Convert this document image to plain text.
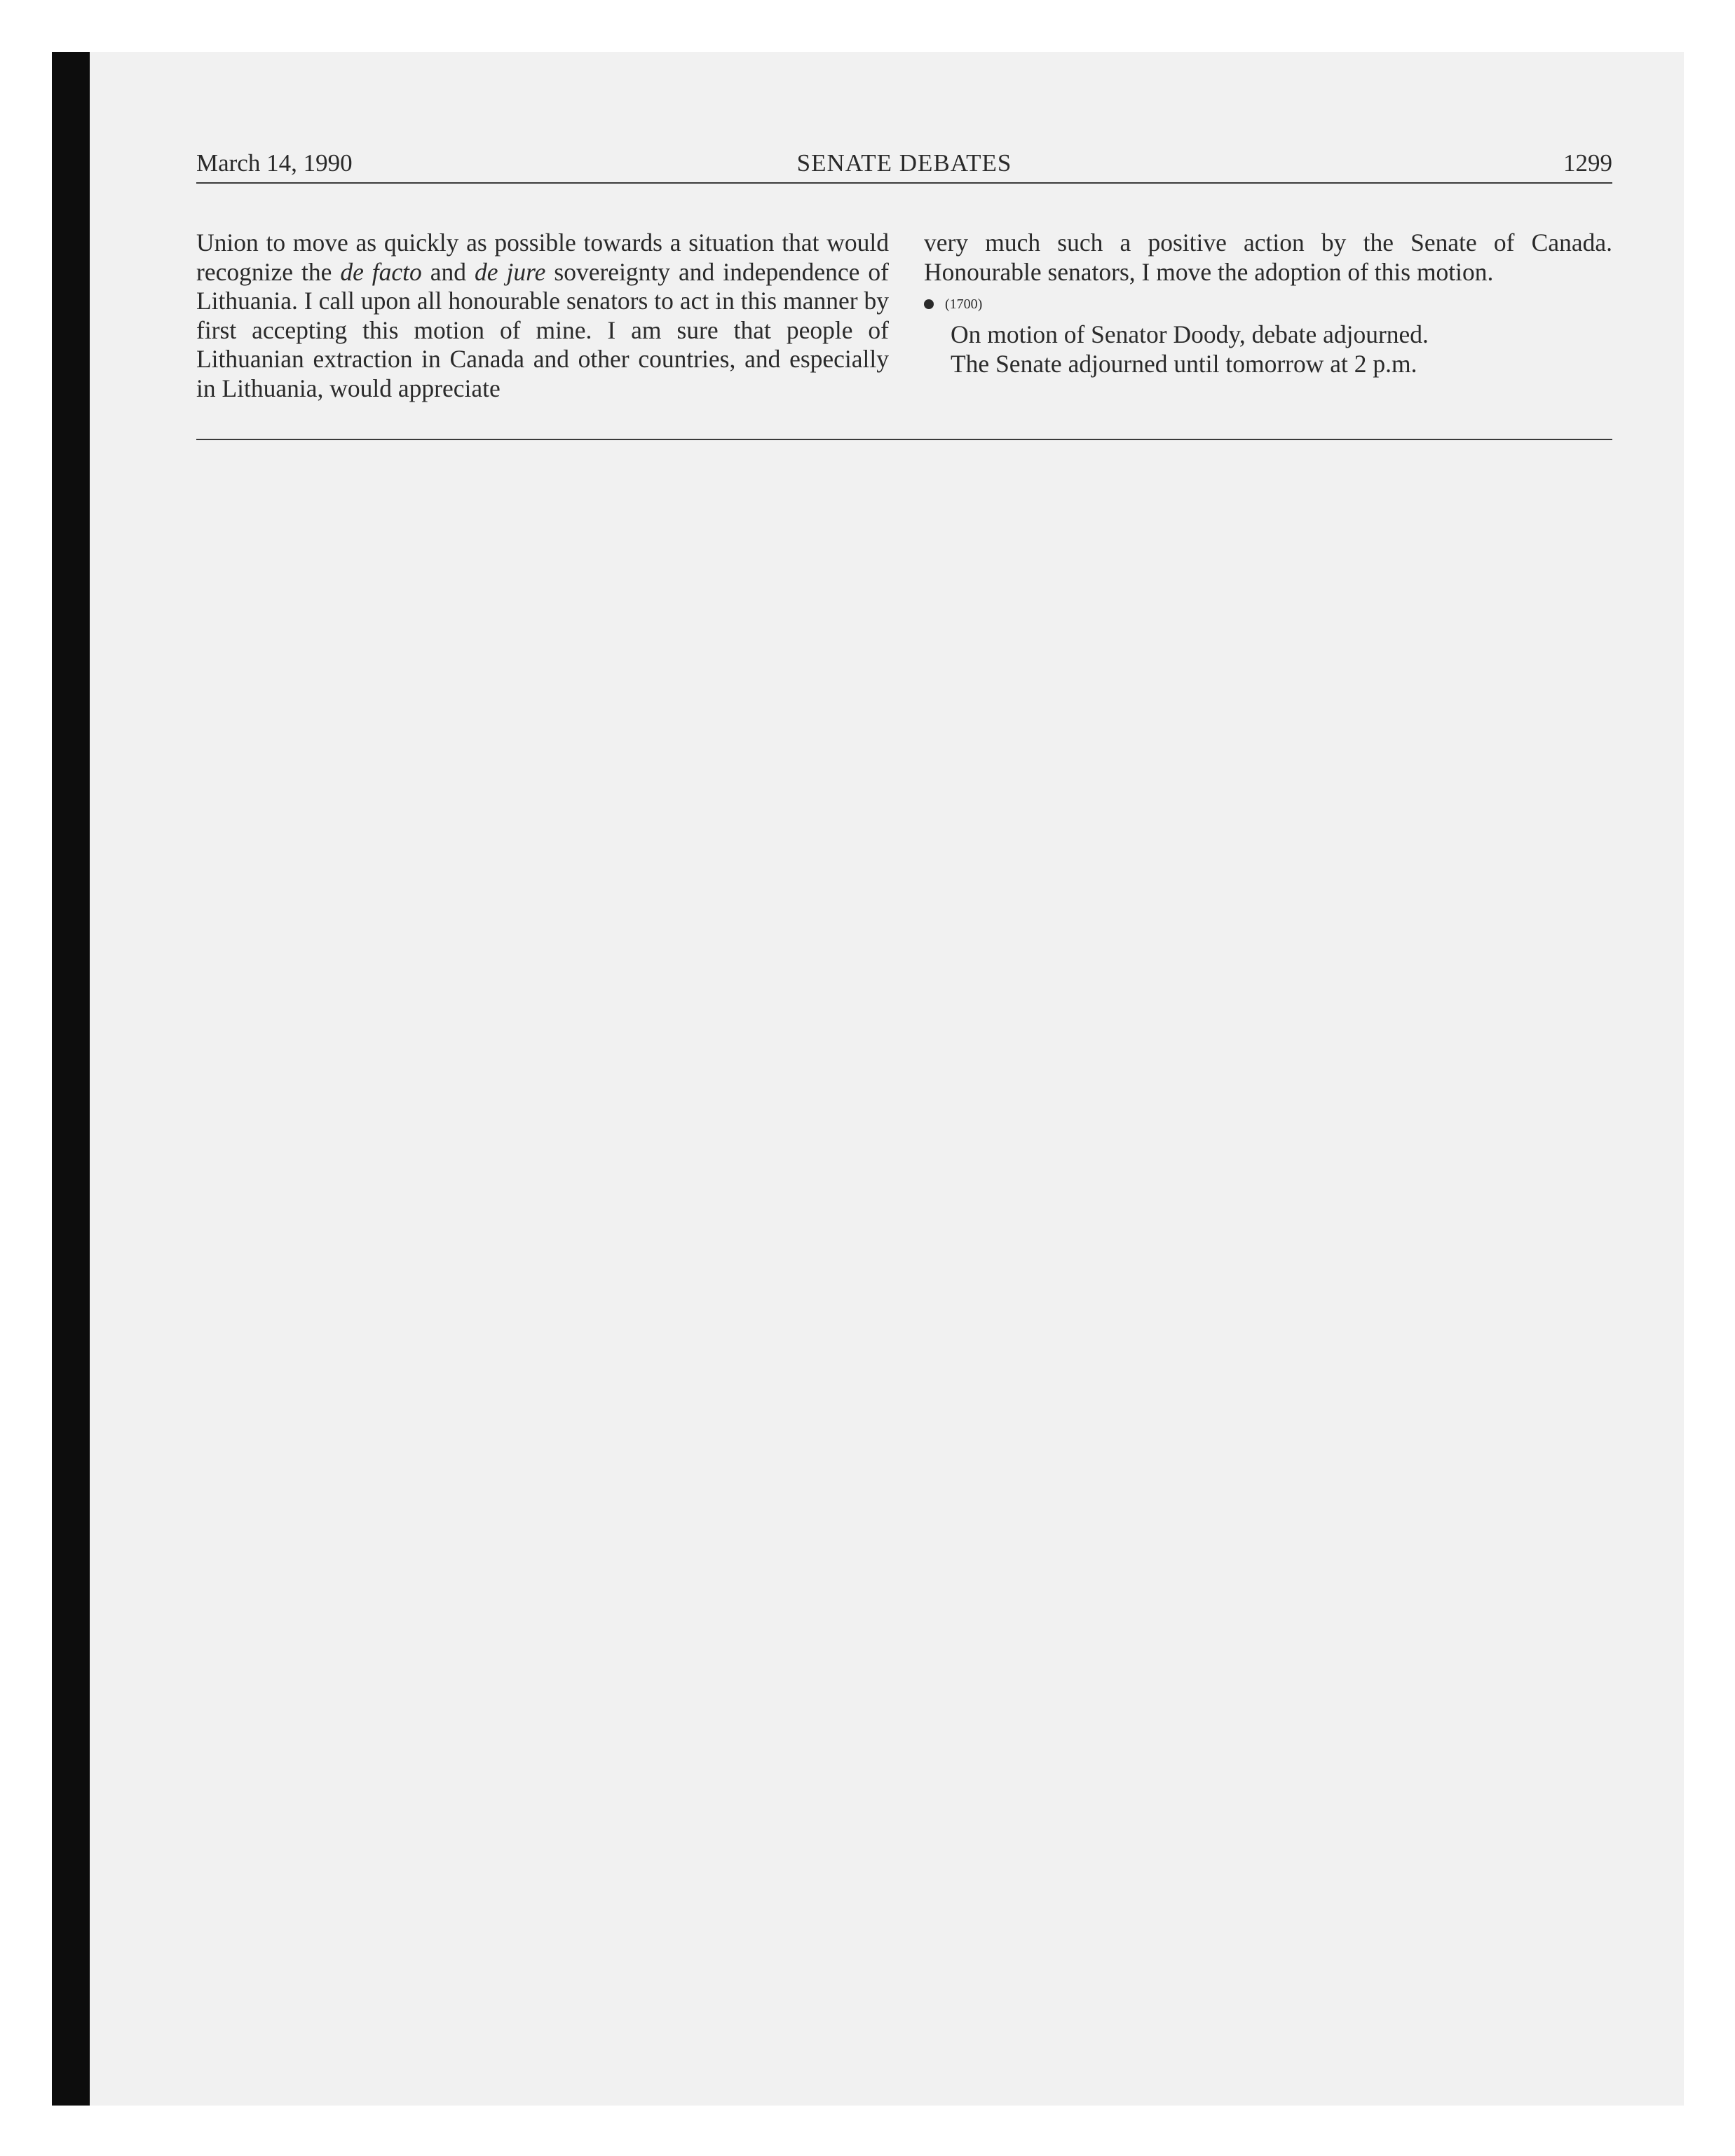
March 14, 1990	SENATE DEBATES	1299

Union to move as quickly as possible towards a situation that would recognize the de facto and de jure sovereignty and independence of Lithuania. I call upon all honourable senators to act in this manner by first accepting this motion of mine. I am sure that people of Lithuanian extraction in Canada and other countries, and especially in Lithuania, would appreciate

very much such a positive action by the Senate of Canada. Honourable senators, I move the adoption of this motion.

(1700)

On motion of Senator Doody, debate adjourned.

The Senate adjourned until tomorrow at 2 p.m.
